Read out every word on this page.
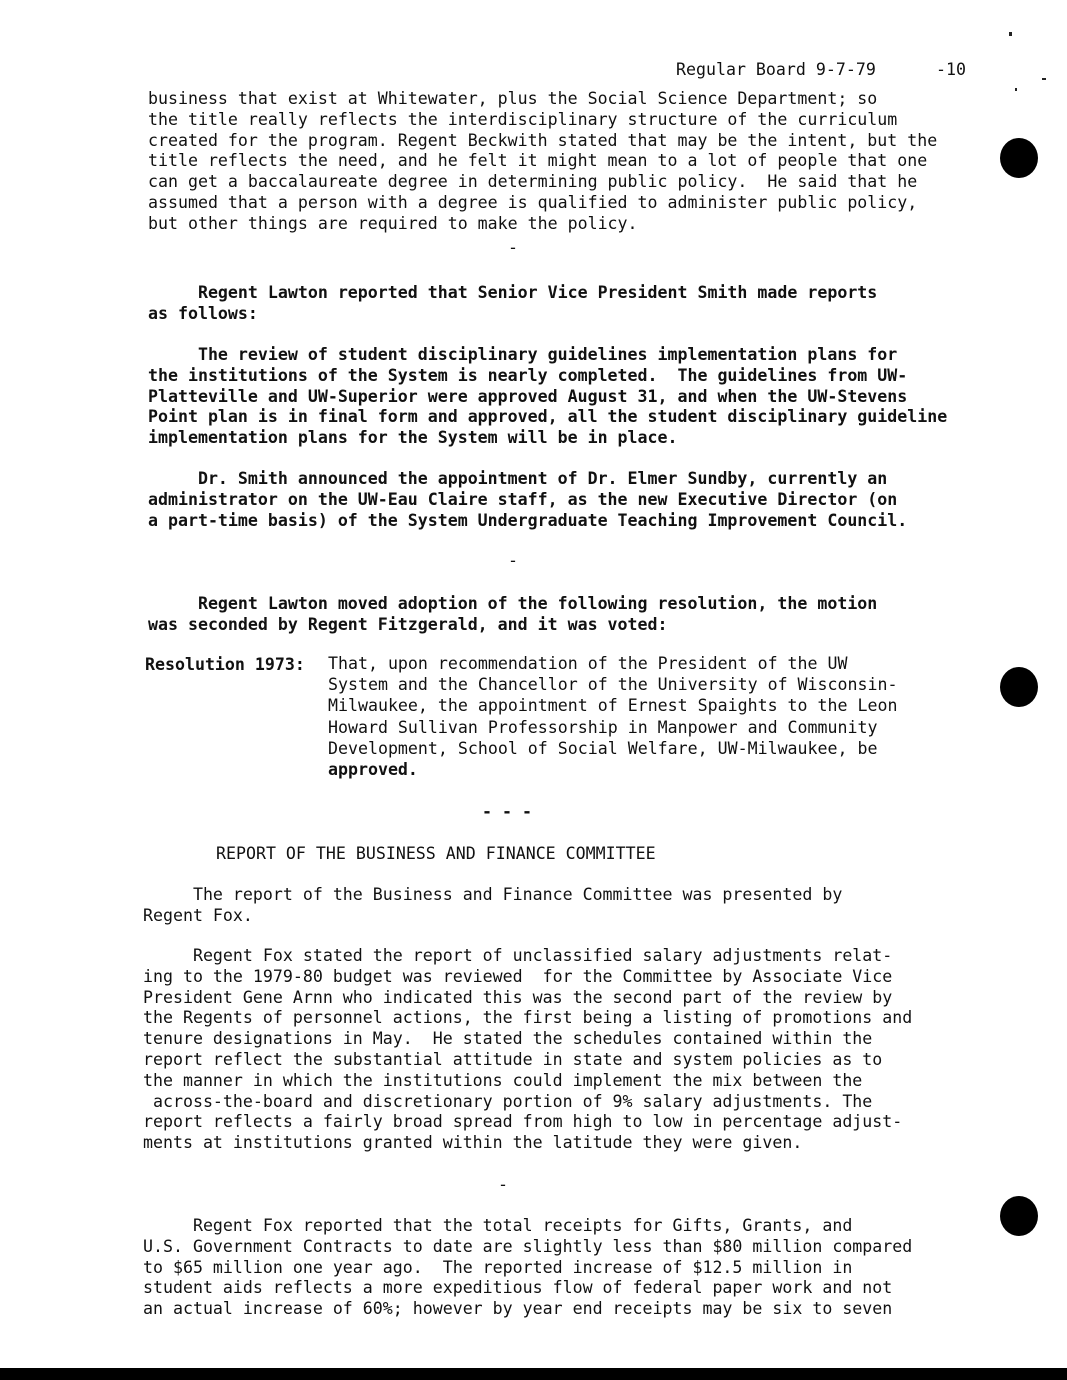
Regular Board 9-7-79	-10
business that exist at Whitewater, plus the Social Science Department; so
the title really reflects the interdisciplinary structure of the curriculum
created for the program. Regent Beckwith stated that may be the intent, but the
title reflects the need, and he felt it might mean to a lot of people that one
can get a baccalaureate degree in determining public policy.  He said that he
assumed that a person with a degree is qualified to administer public policy,
but other things are required to make the policy.
-
Regent Lawton reported that Senior Vice President Smith made reports
as follows:
The review of student disciplinary guidelines implementation plans for
the institutions of the System is nearly completed.  The guidelines from UW-
Platteville and UW-Superior were approved August 31, and when the UW-Stevens
Point plan is in final form and approved, all the student disciplinary guideline
implementation plans for the System will be in place.
Dr. Smith announced the appointment of Dr. Elmer Sundby, currently an
administrator on the UW-Eau Claire staff, as the new Executive Director (on
a part-time basis) of the System Undergraduate Teaching Improvement Council.
-
Regent Lawton moved adoption of the following resolution, the motion
was seconded by Regent Fitzgerald, and it was voted:
Resolution 1973: That, upon recommendation of the President of the UW
System and the Chancellor of the University of Wisconsin-
Milwaukee, the appointment of Ernest Spaights to the Leon
Howard Sullivan Professorship in Manpower and Community
Development, School of Social Welfare, UW-Milwaukee, be
approved.
- - -
REPORT OF THE BUSINESS AND FINANCE COMMITTEE
The report of the Business and Finance Committee was presented by
Regent Fox.
Regent Fox stated the report of unclassified salary adjustments relat-
ing to the 1979-80 budget was reviewed  for the Committee by Associate Vice
President Gene Arnn who indicated this was the second part of the review by
the Regents of personnel actions, the first being a listing of promotions and
tenure designations in May.  He stated the schedules contained within the
report reflect the substantial attitude in state and system policies as to
the manner in which the institutions could implement the mix between the
across-the-board and discretionary portion of 9% salary adjustments. The
report reflects a fairly broad spread from high to low in percentage adjust-
ments at institutions granted within the latitude they were given.
-
Regent Fox reported that the total receipts for Gifts, Grants, and
U.S. Government Contracts to date are slightly less than $80 million compared
to $65 million one year ago.  The reported increase of $12.5 million in
student aids reflects a more expeditious flow of federal paper work and not
an actual increase of 60%; however by year end receipts may be six to seven
